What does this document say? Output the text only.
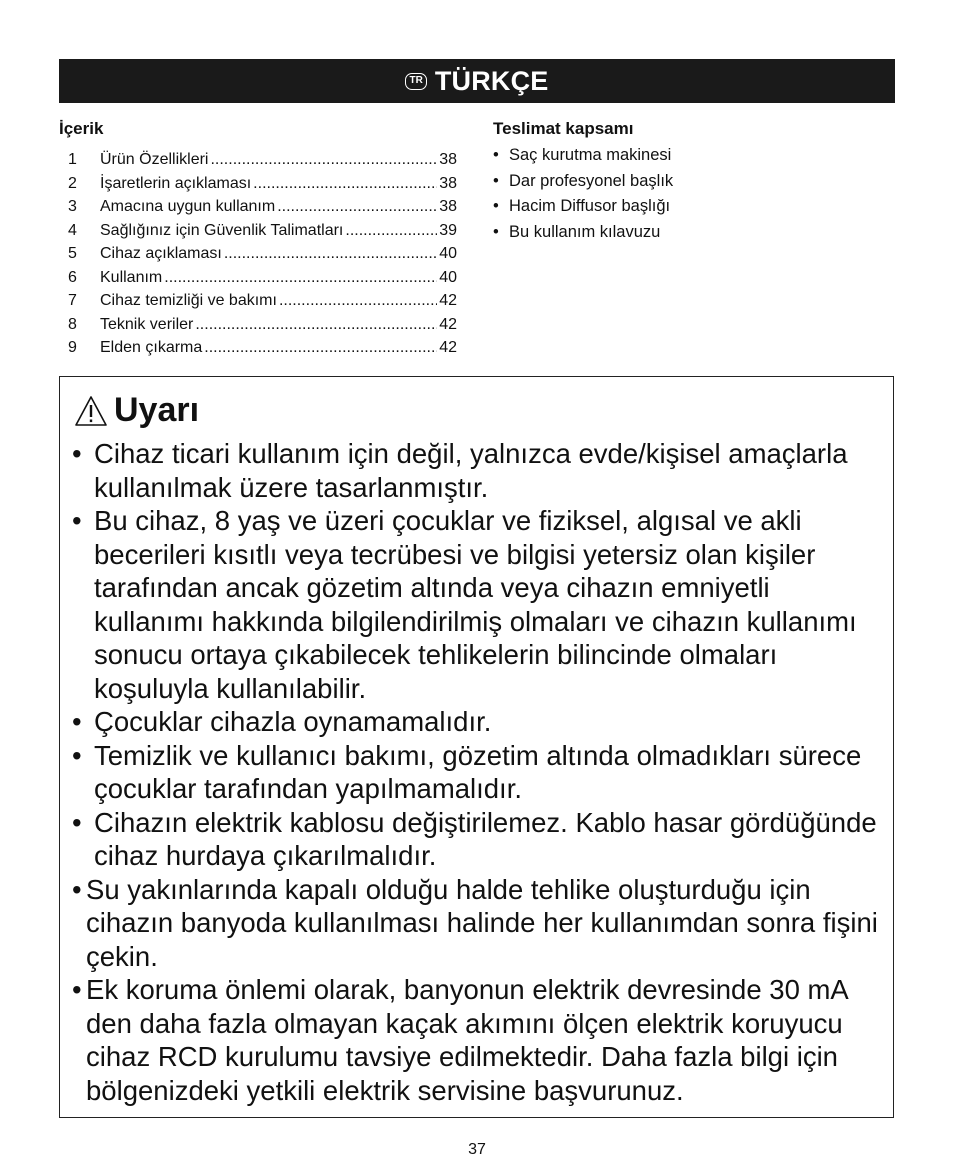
TR TÜRKÇE
İçerik
1	Ürün Özellikleri .....	38
2	İşaretlerin açıklaması .....	38
3	Amacına uygun kullanım .....	38
4	Sağlığınız için Güvenlik Talimatları .....	39
5	Cihaz açıklaması .....	40
6	Kullanım .....	40
7	Cihaz temizliği ve bakımı .....	42
8	Teknik veriler .....	42
9	Elden çıkarma .....	42
Teslimat kapsamı
• Saç kurutma makinesi
• Dar profesyonel başlık
• Hacim Diffusor başlığı
• Bu kullanım kılavuzu
Uyarı
• Cihaz ticari kullanım için değil, yalnızca evde/kişisel amaçlarla kullanılmak üzere tasarlanmıştır.
• Bu cihaz, 8 yaş ve üzeri çocuklar ve fiziksel, algısal ve akli becerileri kısıtlı veya tecrübesi ve bilgisi yetersiz olan kişiler tarafından ancak gözetim altında veya cihazın emniyetli kullanımı hakkında bilgilendirilmiş olmaları ve cihazın kullanımı sonucu ortaya çıkabilecek tehlikelerin bilincinde olmaları koşuluyla kullanılabilir.
• Çocuklar cihazla oynamamalıdır.
• Temizlik ve kullanıcı bakımı, gözetim altında olmadıkları sürece çocuklar tarafından yapılmamalıdır.
• Cihazın elektrik kablosu değiştirilemez. Kablo hasar gördüğünde cihaz hurdaya çıkarılmalıdır.
• Su yakınlarında kapalı olduğu halde tehlike oluşturduğu için cihazın banyoda kullanılması halinde her kullanımdan sonra fişini çekin.
• Ek koruma önlemi olarak, banyonun elektrik devresinde 30 mA den daha fazla olmayan kaçak akımını ölçen elektrik koruyucu cihaz RCD kurulumu tavsiye edilmektedir. Daha fazla bilgi için bölgenizdeki yetkili elektrik servisine başvurunuz.
37
